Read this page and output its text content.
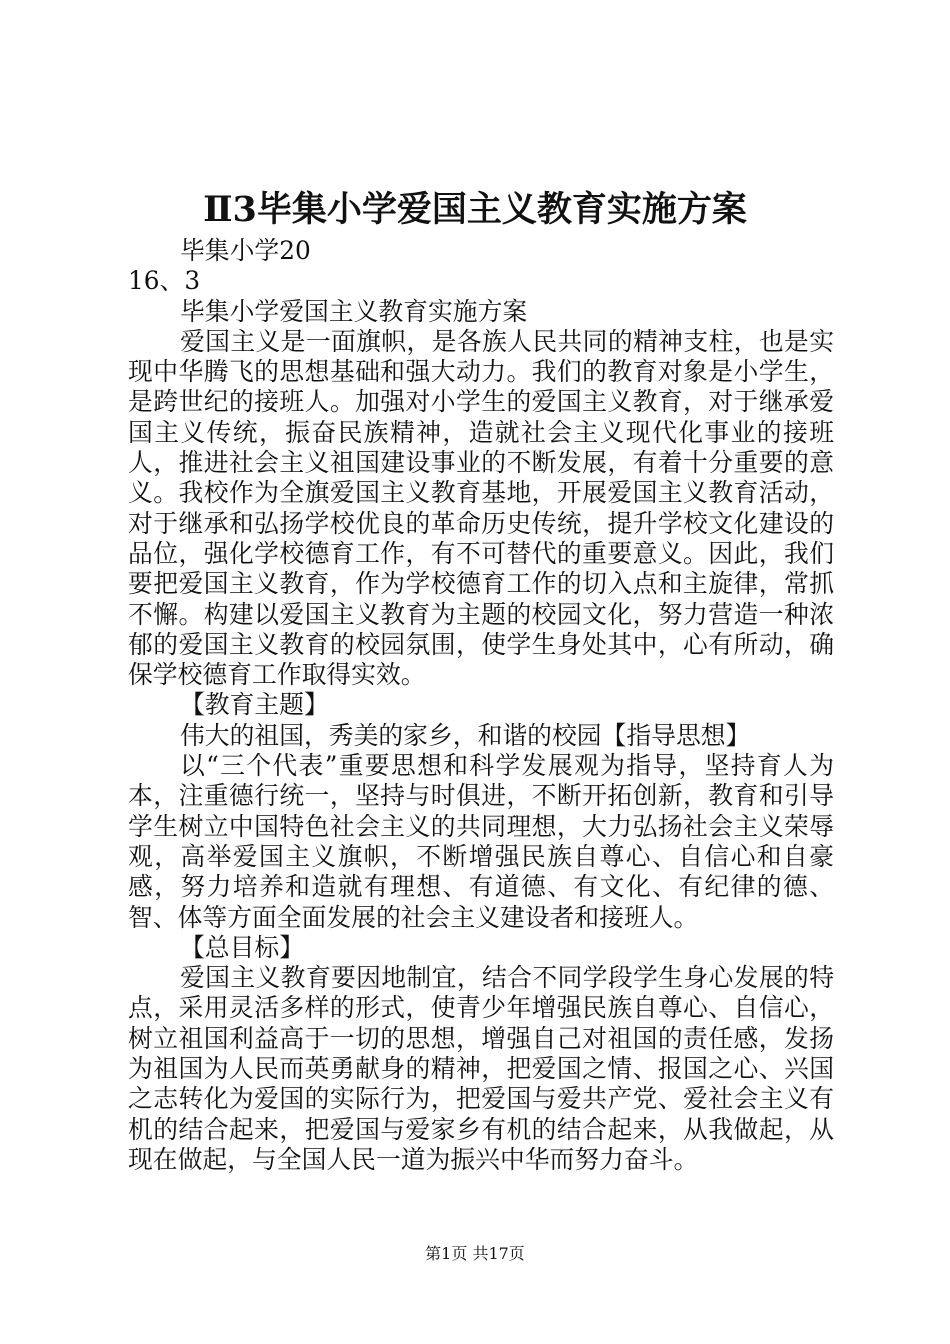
Ⅱ3毕集小学爱国主义教育实施方案

毕集小学20

16、3

毕集小学爱国主义教育实施方案

爱国主义是一面旗帜，是各族人民共同的精神支柱，也是实现中华腾飞的思想基础和强大动力。我们的教育对象是小学生，是跨世纪的接班人。加强对小学生的爱国主义教育，对于继承爱国主义传统，振奋民族精神，造就社会主义现代化事业的接班人，推进社会主义祖国建设事业的不断发展，有着十分重要的意义。我校作为全旗爱国主义教育基地，开展爱国主义教育活动，对于继承和弘扬学校优良的革命历史传统，提升学校文化建设的品位，强化学校德育工作，有不可替代的重要意义。因此，我们要把爱国主义教育，作为学校德育工作的切入点和主旋律，常抓不懈。构建以爱国主义教育为主题的校园文化，努力营造一种浓郁的爱国主义教育的校园氛围，使学生身处其中，心有所动，确保学校德育工作取得实效。

【教育主题】

伟大的祖国，秀美的家乡，和谐的校园【指导思想】

以“三个代表”重要思想和科学发展观为指导，坚持育人为本，注重德行统一，坚持与时俱进，不断开拓创新，教育和引导学生树立中国特色社会主义的共同理想，大力弘扬社会主义荣辱观，高举爱国主义旗帜，不断增强民族自尊心、自信心和自豪感，努力培养和造就有理想、有道德、有文化、有纪律的德、智、体等方面全面发展的社会主义建设者和接班人。

【总目标】

爱国主义教育要因地制宜，结合不同学段学生身心发展的特点，采用灵活多样的形式，使青少年增强民族自尊心、自信心，树立祖国利益高于一切的思想，增强自己对祖国的责任感，发扬为祖国为人民而英勇献身的精神，把爱国之情、报国之心、兴国之志转化为爱国的实际行为，把爱国与爱共产党、爱社会主义有机的结合起来，把爱国与爱家乡有机的结合起来，从我做起，从现在做起，与全国人民一道为振兴中华而努力奋斗。

第1页 共17页
